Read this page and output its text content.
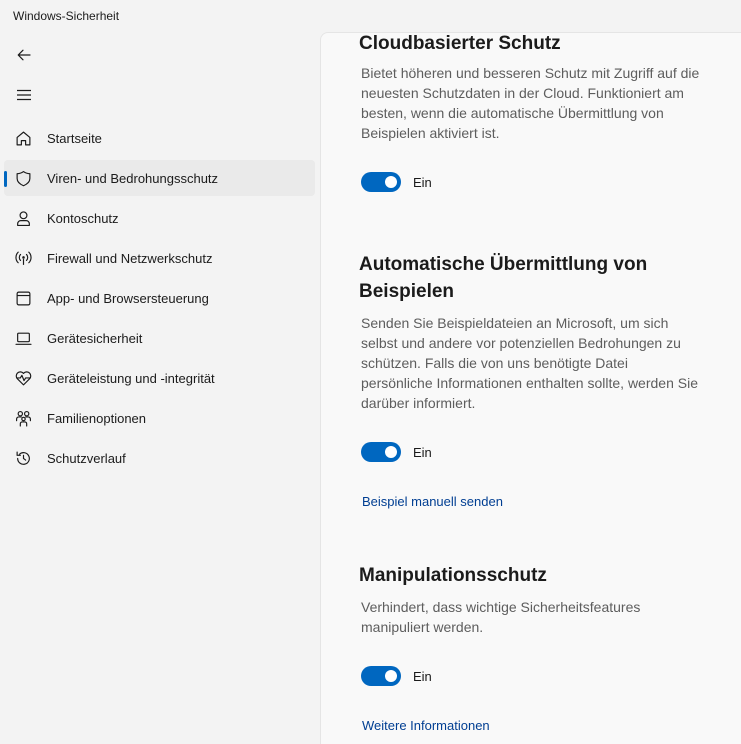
Windows-Sicherheit
Startseite
Viren- und Bedrohungsschutz
Kontoschutz
Firewall und Netzwerkschutz
App- und Browsersteuerung
Gerätesicherheit
Geräteleistung und -integrität
Familienoptionen
Schutzverlauf
Cloudbasierter Schutz
Bietet höheren und besseren Schutz mit Zugriff auf die neuesten Schutzdaten in der Cloud. Funktioniert am besten, wenn die automatische Übermittlung von Beispielen aktiviert ist.
Ein
Automatische Übermittlung von Beispielen
Senden Sie Beispieldateien an Microsoft, um sich selbst und andere vor potenziellen Bedrohungen zu schützen. Falls die von uns benötigte Datei persönliche Informationen enthalten sollte, werden Sie darüber informiert.
Ein
Beispiel manuell senden
Manipulationsschutz
Verhindert, dass wichtige Sicherheitsfeatures manipuliert werden.
Ein
Weitere Informationen
